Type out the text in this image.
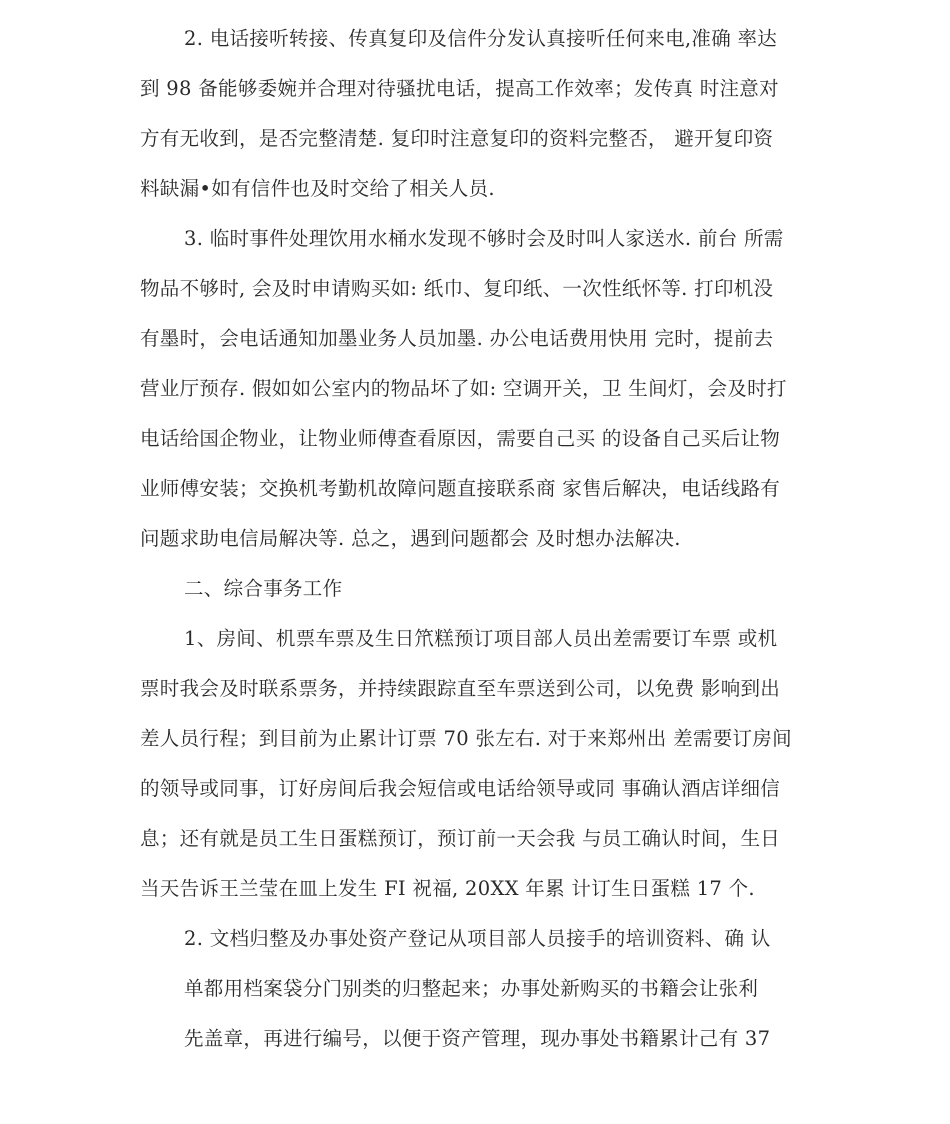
2. 电话接听转接、传真复印及信件分发认真接听任何来电,准确 率达
到 98 备能够委婉并合理对待骚扰电话，提高工作效率；发传真 时注意对
方有无收到，是否完整清楚. 复印时注意复印的资料完整否， 避开复印资
料缺漏•如有信件也及时交给了相关人员.
3. 临时事件处理饮用水桶水发现不够时会及时叫人家送水. 前台 所需
物品不够时, 会及时申请购买如: 纸巾、复印纸、一次性纸怀等. 打印机没
有墨时，会电话通知加墨业务人员加墨. 办公电话费用快用 完时，提前去
营业厅预存. 假如如公室内的物品坏了如: 空调开关，卫 生间灯，会及时打
电话给国企物业，让物业师傅查看原因，需要自己买 的设备自己买后让物
业师傅安装；交换机考勤机故障问题直接联系商 家售后解决，电话线路有
问题求助电信局解决等. 总之，遇到问题都会 及时想办法解决.
二、综合事务工作
1、房间、机票车票及生日笊糕预订项目部人员出差需要订车票 或机
票时我会及时联系票务，并持续跟踪直至车票送到公司，以免费 影响到出
差人员行程；到目前为止累计订票 70 张左右. 对于来郑州出 差需要订房间
的领导或同事，订好房间后我会短信或电话给领导或同 事确认酒店详细信
息；还有就是员工生日蛋糕预订，预订前一天会我 与员工确认时间，生日
当天告诉王兰莹在皿上发生 FI 祝福, 20XX 年累 计订生日蛋糕 17 个.
2. 文档归整及办事处资产登记从项目部人员接手的培训资料、确 认
单都用档案袋分门别类的归整起来；办事处新购买的书籍会让张利
先盖章，再进行编号，以便于资产管理，现办事处书籍累计己有 37
